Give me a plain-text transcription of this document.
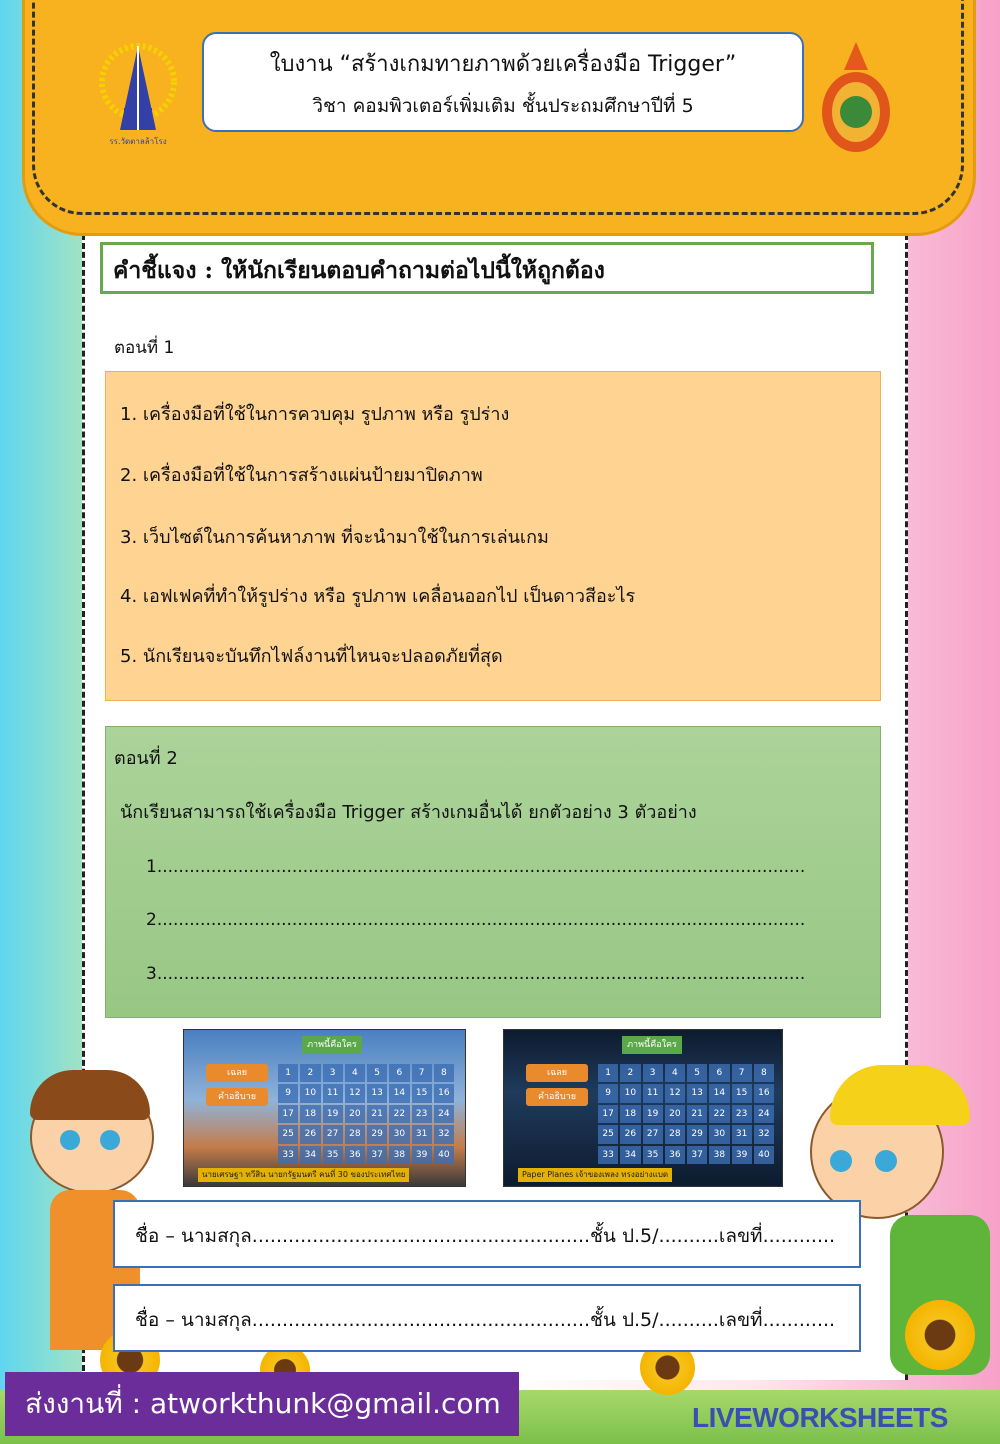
รร.วัดตาลล้าโรง
ใบงาน “สร้างเกมทายภาพด้วยเครื่องมือ Trigger”
วิชา คอมพิวเตอร์เพิ่มเติม ชั้นประถมศึกษาปีที่ 5
คำชี้แจง : ให้นักเรียนตอบคำถามต่อไปนี้ให้ถูกต้อง
ตอนที่ 1
1. เครื่องมือที่ใช้ในการควบคุม รูปภาพ หรือ รูปร่าง
2. เครื่องมือที่ใช้ในการสร้างแผ่นป้ายมาปิดภาพ
3. เว็บไซต์ในการค้นหาภาพ ที่จะนำมาใช้ในการเล่นเกม
4. เอฟเฟคที่ทำให้รูปร่าง หรือ รูปภาพ เคลื่อนออกไป เป็นดาวสีอะไร
5. นักเรียนจะบันทึกไฟล์งานที่ไหนจะปลอดภัยที่สุด
ตอนที่ 2
นักเรียนสามารถใช้เครื่องมือ Trigger สร้างเกมอื่นได้ ยกตัวอย่าง 3 ตัวอย่าง
1........................................................................................................................
2........................................................................................................................
3........................................................................................................................
ภาพนี้คือใคร
เฉลย
คำอธิบาย
1	2	3	4	5	6	7	8
9	10	11	12	13	14	15	16
17	18	19	20	21	22	23	24
25	26	27	28	29	30	31	32
33	34	35	36	37	38	39	40
นายเศรษฐา ทวีสิน นายกรัฐมนตรี คนที่ 30 ของประเทศไทย
ภาพนี้คือใคร
เฉลย
คำอธิบาย
1	2	3	4	5	6	7	8
9	10	11	12	13	14	15	16
17	18	19	20	21	22	23	24
25	26	27	28	29	30	31	32
33	34	35	36	37	38	39	40
Paper Planes เจ้าของเพลง ทรงอย่างแบด
ชื่อ – นามสกุล........................................................ชั้น ป.5/..........เลขที่............
ชื่อ – นามสกุล........................................................ชั้น ป.5/..........เลขที่............
ส่งงานที่ : atworkthunk@gmail.com	LIVEWORKSHEETS
